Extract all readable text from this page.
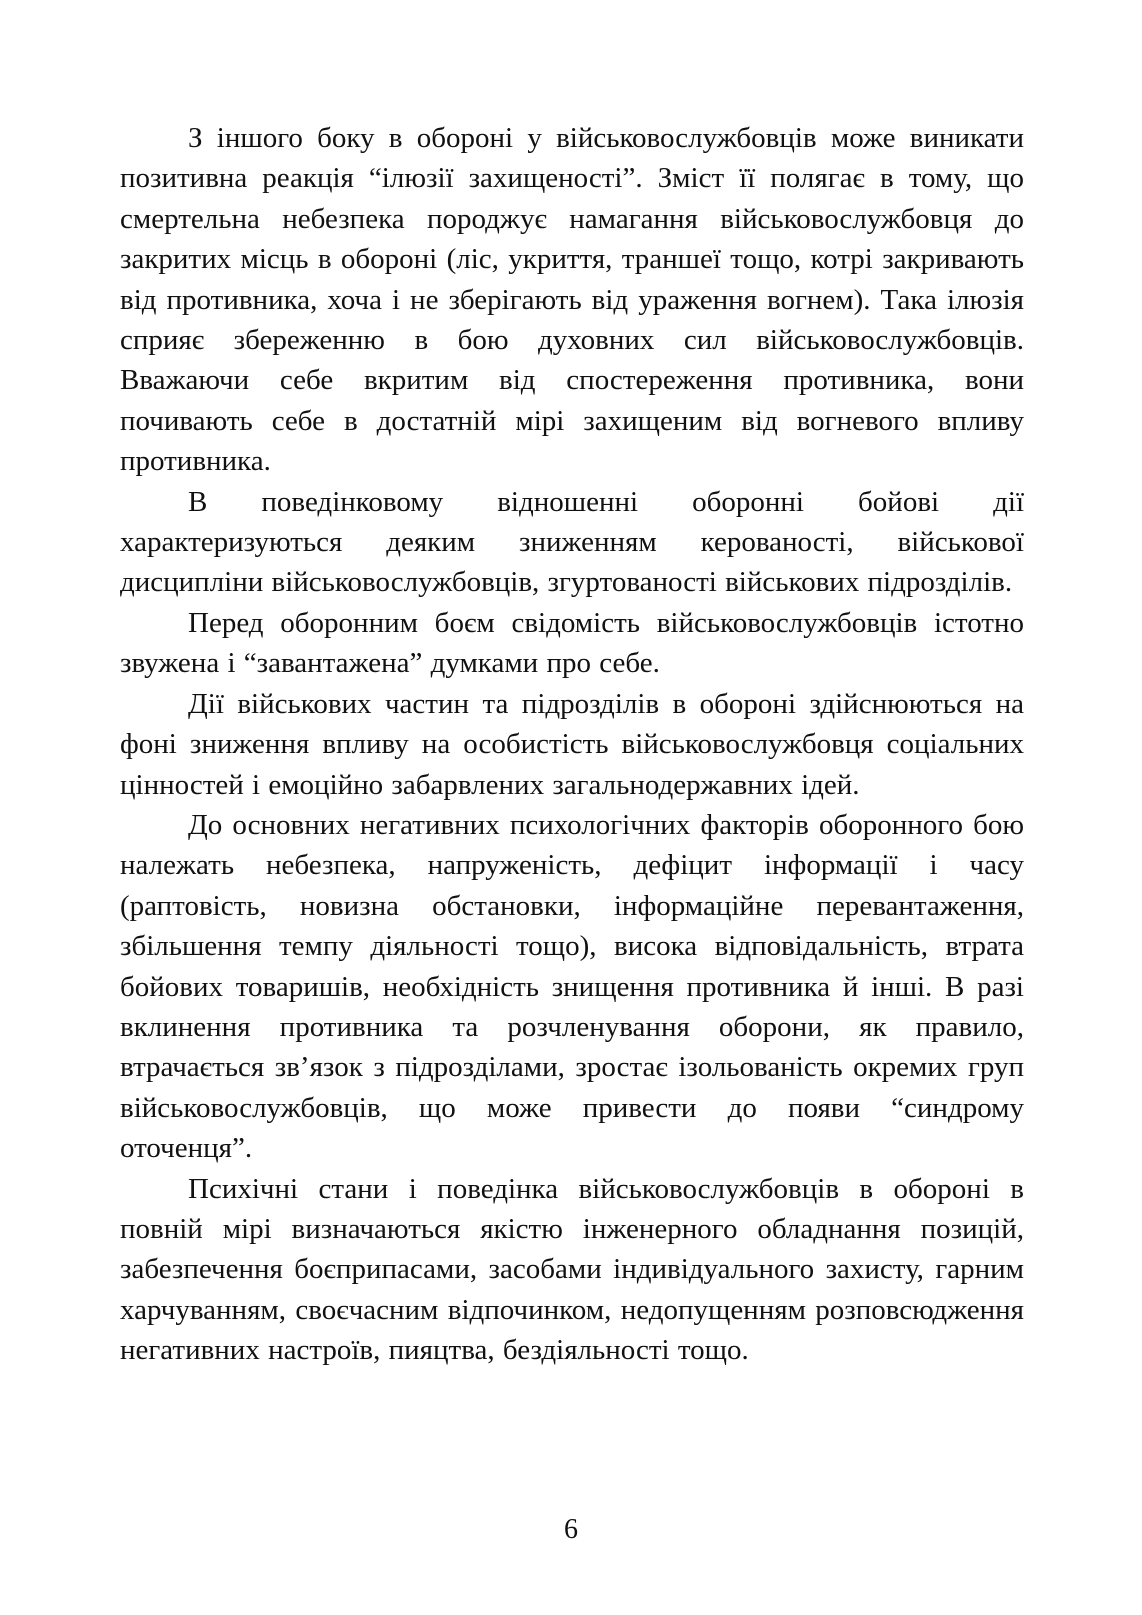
З іншого боку в обороні у військовослужбовців може виникати позитивна реакція “ілюзії захищеності”. Зміст її полягає в тому, що смертельна небезпека породжує намагання військовослужбовця до закритих місць в обороні (ліс, укриття, траншеї тощо, котрі закривають від противника, хоча і не зберігають від ураження вогнем). Така ілюзія сприяє збереженню в бою духовних сил військовослужбовців. Вважаючи себе вкритим від спостереження противника, вони почивають себе в достатній мірі захищеним від вогневого впливу противника.

В поведінковому відношенні оборонні бойові дії характеризуються деяким зниженням керованості, військової дисципліни військовослужбовців, згуртованості військових підрозділів.

Перед оборонним боєм свідомість військовослужбовців істотно звужена і “завантажена” думками про себе.

Дії військових частин та підрозділів в обороні здійснюються на фоні зниження впливу на особистість військовослужбовця соціальних цінностей і емоційно забарвлених загальнодержавних ідей.

До основних негативних психологічних факторів оборонного бою належать небезпека, напруженість, дефіцит інформації і часу (раптовість, новизна обстановки, інформаційне перевантаження, збільшення темпу діяльності тощо), висока відповідальність, втрата бойових товаришів, необхідність знищення противника й інші. В разі вклинення противника та розчленування оборони, як правило, втрачається зв’язок з підрозділами, зростає ізольованість окремих груп військовослужбовців, що може привести до появи “синдрому оточенця”.

Психічні стани і поведінка військовослужбовців в обороні в повній мірі визначаються якістю інженерного обладнання позицій, забезпечення боєприпасами, засобами індивідуального захисту, гарним харчуванням, своєчасним відпочинком, недопущенням розповсюдження негативних настроїв, пияцтва, бездіяльності тощо.

6
